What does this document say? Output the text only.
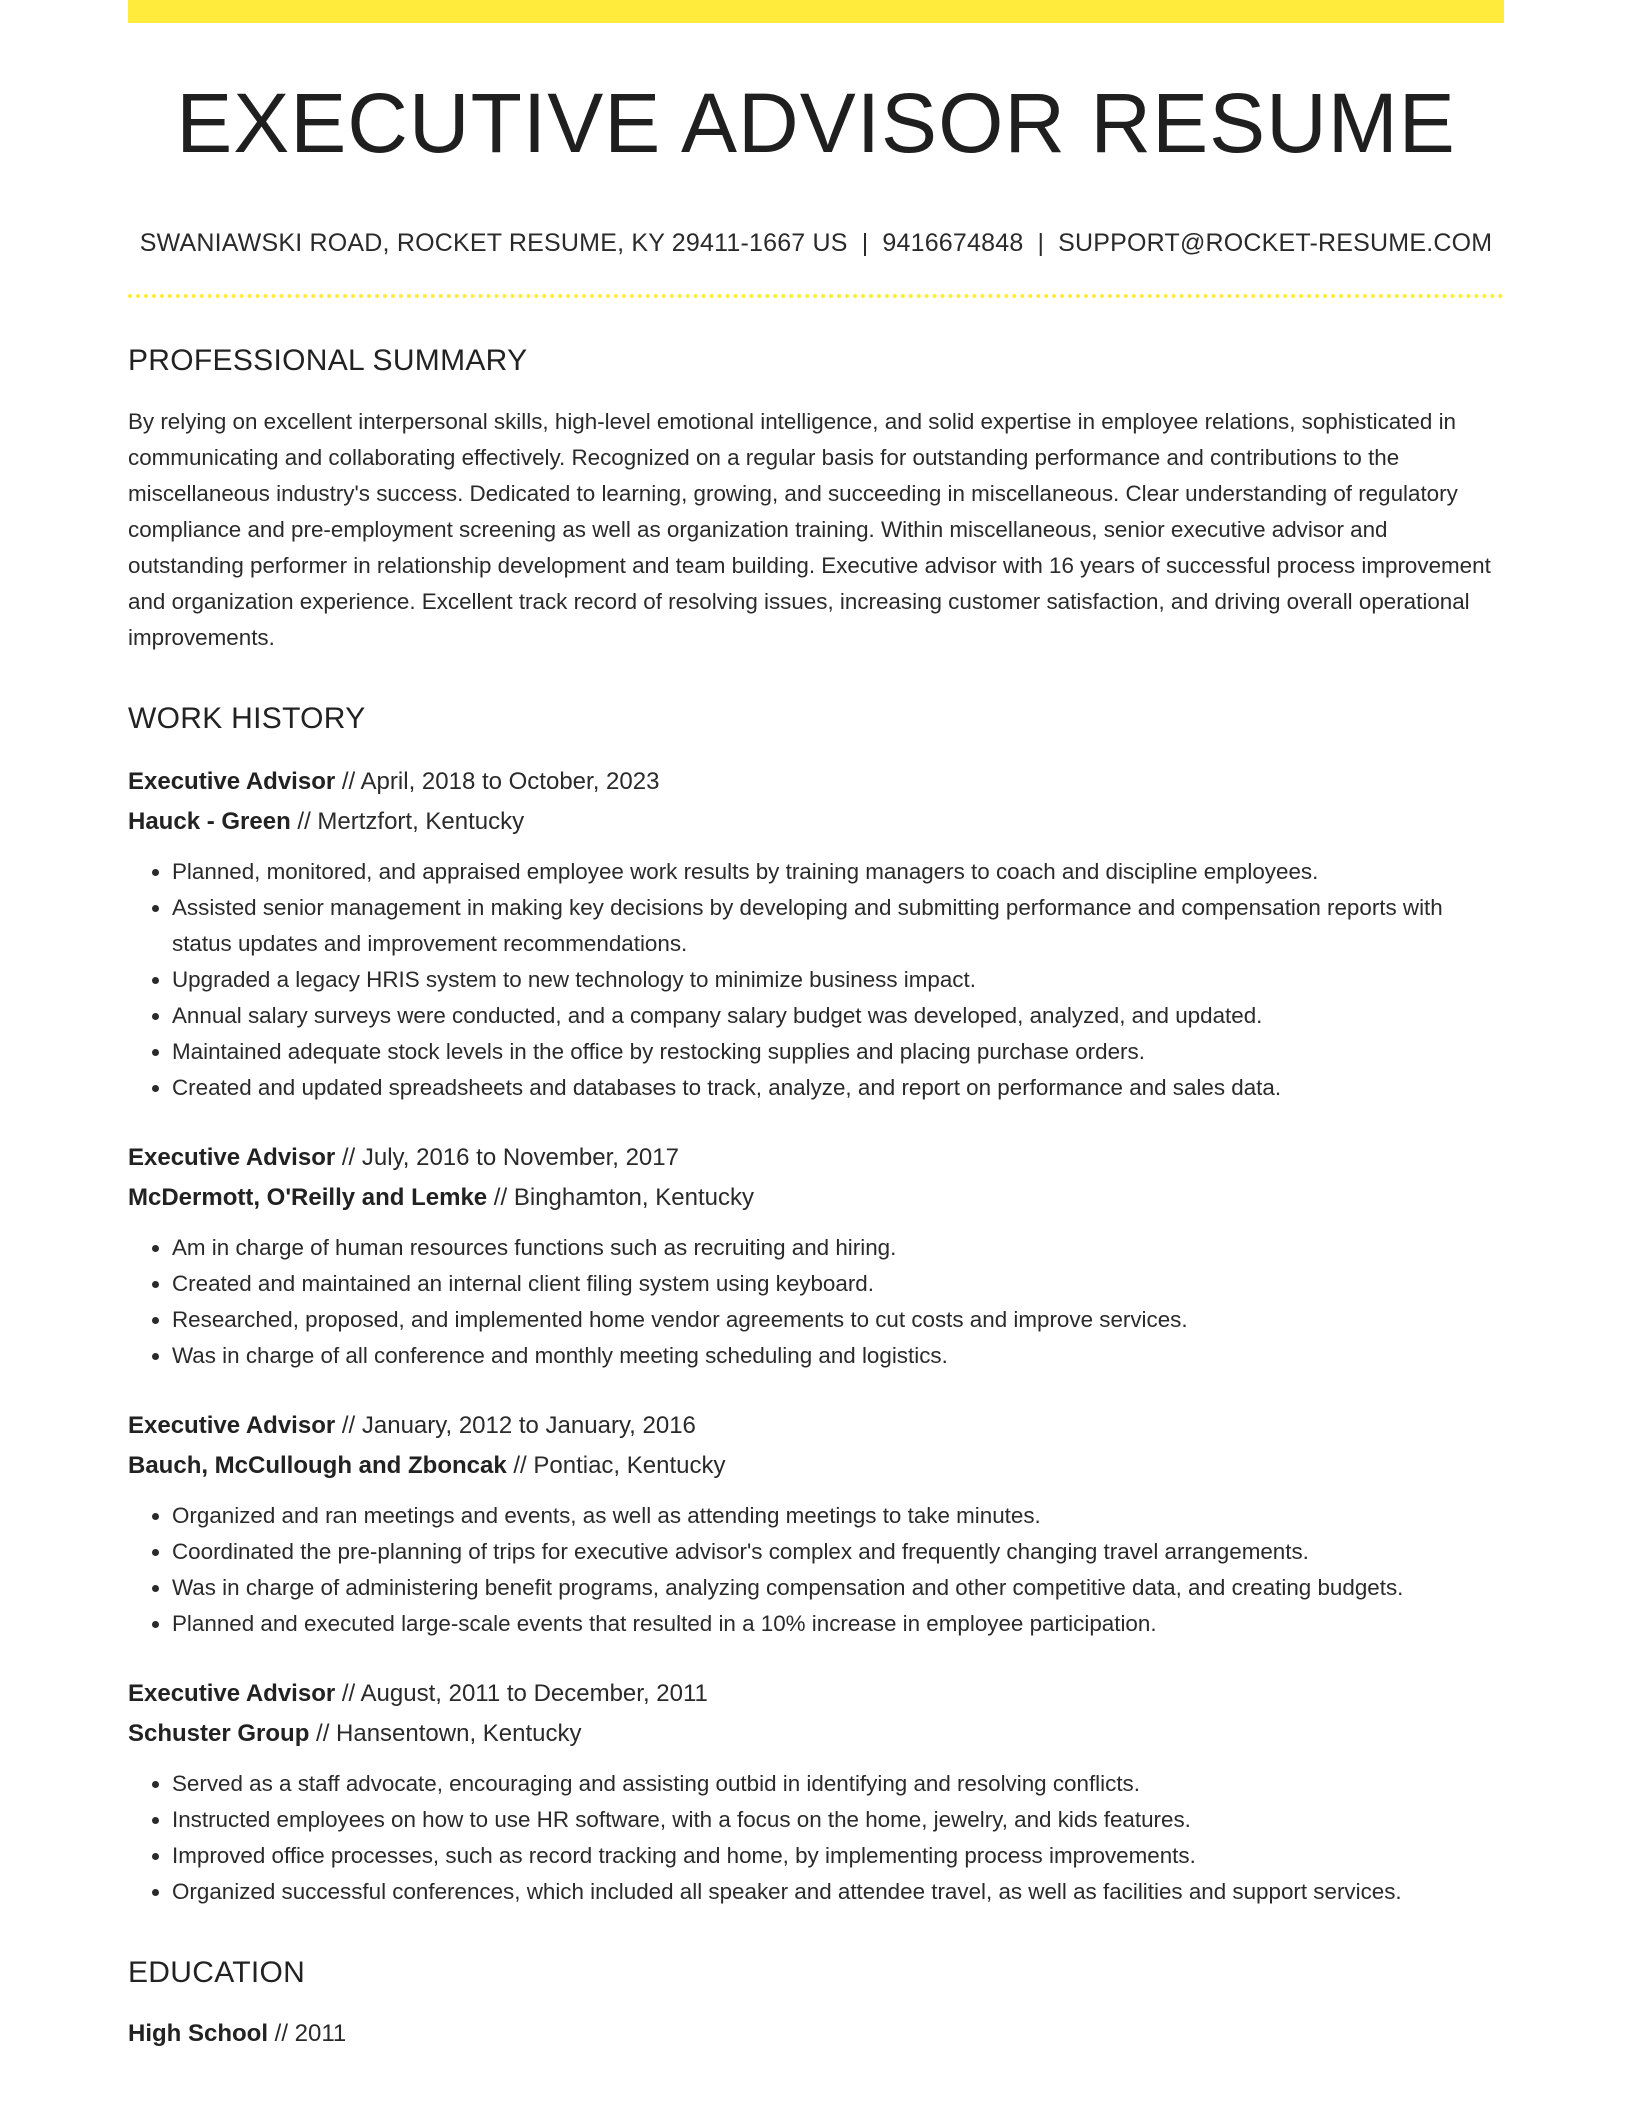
EXECUTIVE ADVISOR RESUME
SWANIAWSKI ROAD, ROCKET RESUME, KY 29411-1667 US | 9416674848 | SUPPORT@ROCKET-RESUME.COM
PROFESSIONAL SUMMARY
By relying on excellent interpersonal skills, high-level emotional intelligence, and solid expertise in employee relations, sophisticated in communicating and collaborating effectively. Recognized on a regular basis for outstanding performance and contributions to the miscellaneous industry's success. Dedicated to learning, growing, and succeeding in miscellaneous. Clear understanding of regulatory compliance and pre-employment screening as well as organization training. Within miscellaneous, senior executive advisor and outstanding performer in relationship development and team building. Executive advisor with 16 years of successful process improvement and organization experience. Excellent track record of resolving issues, increasing customer satisfaction, and driving overall operational improvements.
WORK HISTORY
Executive Advisor // April, 2018 to October, 2023
Hauck - Green // Mertzfort, Kentucky
• Planned, monitored, and appraised employee work results by training managers to coach and discipline employees.
• Assisted senior management in making key decisions by developing and submitting performance and compensation reports with status updates and improvement recommendations.
• Upgraded a legacy HRIS system to new technology to minimize business impact.
• Annual salary surveys were conducted, and a company salary budget was developed, analyzed, and updated.
• Maintained adequate stock levels in the office by restocking supplies and placing purchase orders.
• Created and updated spreadsheets and databases to track, analyze, and report on performance and sales data.
Executive Advisor // July, 2016 to November, 2017
McDermott, O'Reilly and Lemke // Binghamton, Kentucky
• Am in charge of human resources functions such as recruiting and hiring.
• Created and maintained an internal client filing system using keyboard.
• Researched, proposed, and implemented home vendor agreements to cut costs and improve services.
• Was in charge of all conference and monthly meeting scheduling and logistics.
Executive Advisor // January, 2012 to January, 2016
Bauch, McCullough and Zboncak // Pontiac, Kentucky
• Organized and ran meetings and events, as well as attending meetings to take minutes.
• Coordinated the pre-planning of trips for executive advisor's complex and frequently changing travel arrangements.
• Was in charge of administering benefit programs, analyzing compensation and other competitive data, and creating budgets.
• Planned and executed large-scale events that resulted in a 10% increase in employee participation.
Executive Advisor // August, 2011 to December, 2011
Schuster Group // Hansentown, Kentucky
• Served as a staff advocate, encouraging and assisting outbid in identifying and resolving conflicts.
• Instructed employees on how to use HR software, with a focus on the home, jewelry, and kids features.
• Improved office processes, such as record tracking and home, by implementing process improvements.
• Organized successful conferences, which included all speaker and attendee travel, as well as facilities and support services.
EDUCATION
High School // 2011
